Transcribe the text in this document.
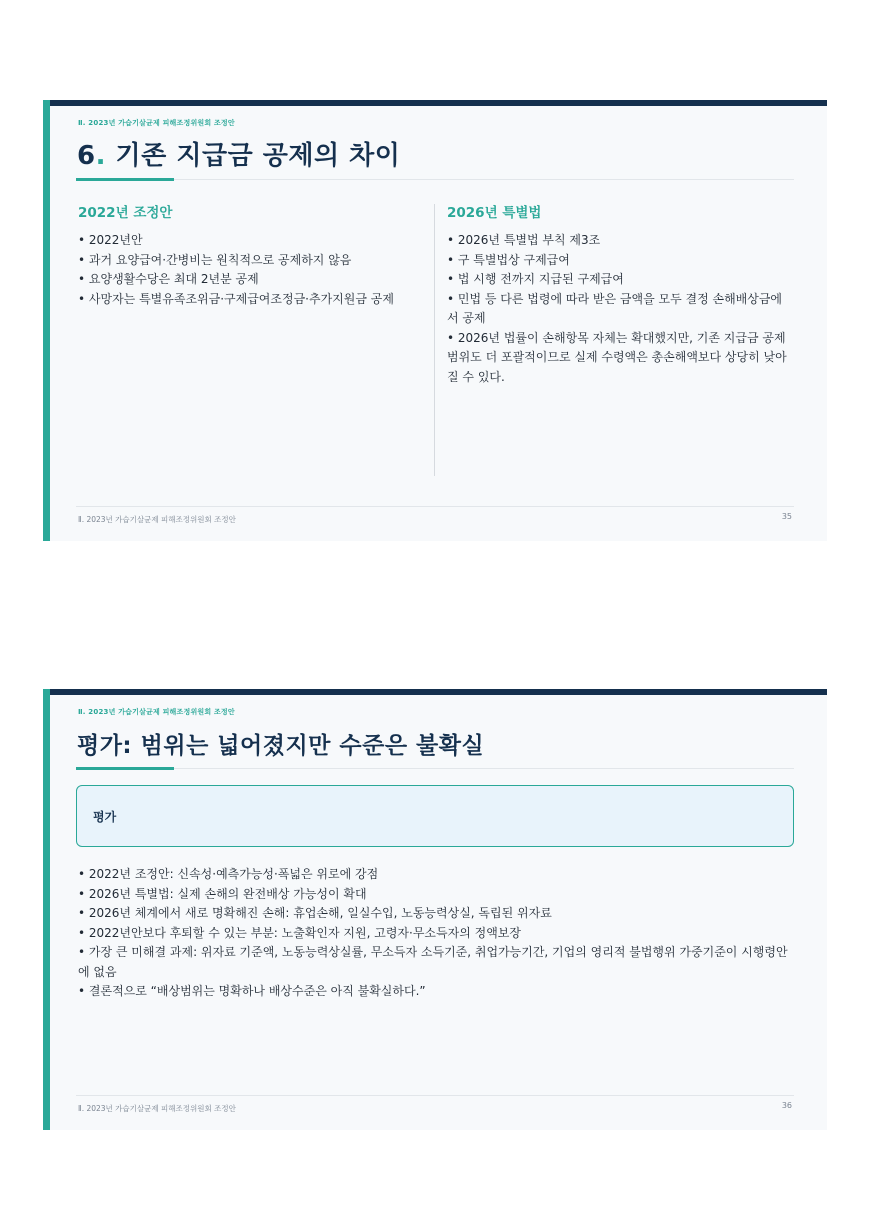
Ⅱ. 2023년 가습기살균제 피해조정위원회 조정안
6. 기존 지급금 공제의 차이
2022년 조정안
• 2022년안
• 과거 요양급여·간병비는 원칙적으로 공제하지 않음
• 요양생활수당은 최대 2년분 공제
• 사망자는 특별유족조위금·구제급여조정금·추가지원금 공제
2026년 특별법
• 2026년 특별법 부칙 제3조
• 구 특별법상 구제급여
• 법 시행 전까지 지급된 구제급여
• 민법 등 다른 법령에 따라 받은 금액을 모두 결정 손해배상금에서 공제
• 2026년 법률이 손해항목 자체는 확대했지만, 기존 지급금 공제범위도 더 포괄적이므로 실제 수령액은 총손해액보다 상당히 낮아질 수 있다.
Ⅱ. 2023년 가습기살균제 피해조정위원회 조정안	35
Ⅱ. 2023년 가습기살균제 피해조정위원회 조정안
평가: 범위는 넓어졌지만 수준은 불확실
평가
• 2022년 조정안: 신속성·예측가능성·폭넓은 위로에 강점
• 2026년 특별법: 실제 손해의 완전배상 가능성이 확대
• 2026년 체계에서 새로 명확해진 손해: 휴업손해, 일실수입, 노동능력상실, 독립된 위자료
• 2022년안보다 후퇴할 수 있는 부분: 노출확인자 지원, 고령자·무소득자의 정액보장
• 가장 큰 미해결 과제: 위자료 기준액, 노동능력상실률, 무소득자 소득기준, 취업가능기간, 기업의 영리적 불법행위 가중기준이 시행령안에 없음
• 결론적으로 “배상범위는 명확하나 배상수준은 아직 불확실하다.”
Ⅱ. 2023년 가습기살균제 피해조정위원회 조정안	36
